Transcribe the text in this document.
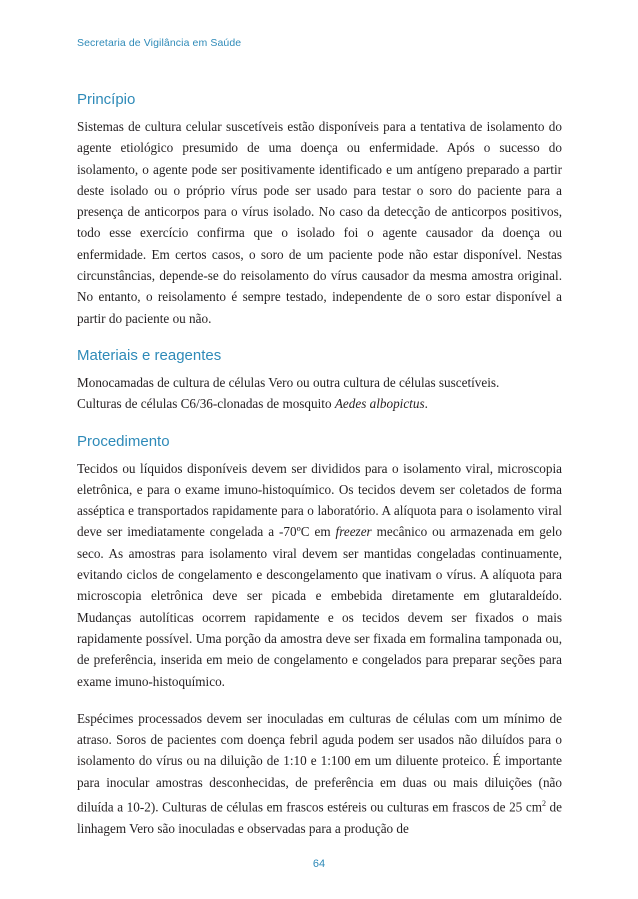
Secretaria de Vigilância em Saúde
Princípio

Sistemas de cultura celular suscetíveis estão disponíveis para a tentativa de isolamento do agente etiológico presumido de uma doença ou enfermidade. Após o sucesso do isolamento, o agente pode ser positivamente identificado e um antígeno preparado a partir deste isolado ou o próprio vírus pode ser usado para testar o soro do paciente para a presença de anticorpos para o vírus isolado. No caso da detecção de anticorpos positivos, todo esse exercício confirma que o isolado foi o agente causador da doença ou enfermidade. Em certos casos, o soro de um paciente pode não estar disponível. Nestas circunstâncias, depende-se do reisolamento do vírus causador da mesma amostra original. No entanto, o reisolamento é sempre testado, independente de o soro estar disponível a partir do paciente ou não.

Materiais e reagentes

Monocamadas de cultura de células Vero ou outra cultura de células suscetíveis.
Culturas de células C6/36-clonadas de mosquito Aedes albopictus.

Procedimento

Tecidos ou líquidos disponíveis devem ser divididos para o isolamento viral, microscopia eletrônica, e para o exame imuno-histoquímico. Os tecidos devem ser coletados de forma asséptica e transportados rapidamente para o laboratório. A alíquota para o isolamento viral deve ser imediatamente congelada a -70ºC em freezer mecânico ou armazenada em gelo seco. As amostras para isolamento viral devem ser mantidas congeladas continuamente, evitando ciclos de congelamento e descongelamento que inativam o vírus. A alíquota para microscopia eletrônica deve ser picada e embebida diretamente em glutaraldeído. Mudanças autolíticas ocorrem rapidamente e os tecidos devem ser fixados o mais rapidamente possível. Uma porção da amostra deve ser fixada em formalina tamponada ou, de preferência, inserida em meio de congelamento e congelados para preparar seções para exame imuno-histoquímico.

Espécimes processados devem ser inoculadas em culturas de células com um mínimo de atraso. Soros de pacientes com doença febril aguda podem ser usados não diluídos para o isolamento do vírus ou na diluição de 1:10 e 1:100 em um diluente proteico. É importante para inocular amostras desconhecidas, de preferência em duas ou mais diluições (não diluída a 10-2). Culturas de células em frascos estéreis ou culturas em frascos de 25 $cm^2$ de linhagem Vero são inoculadas e observadas para a produção de

64
